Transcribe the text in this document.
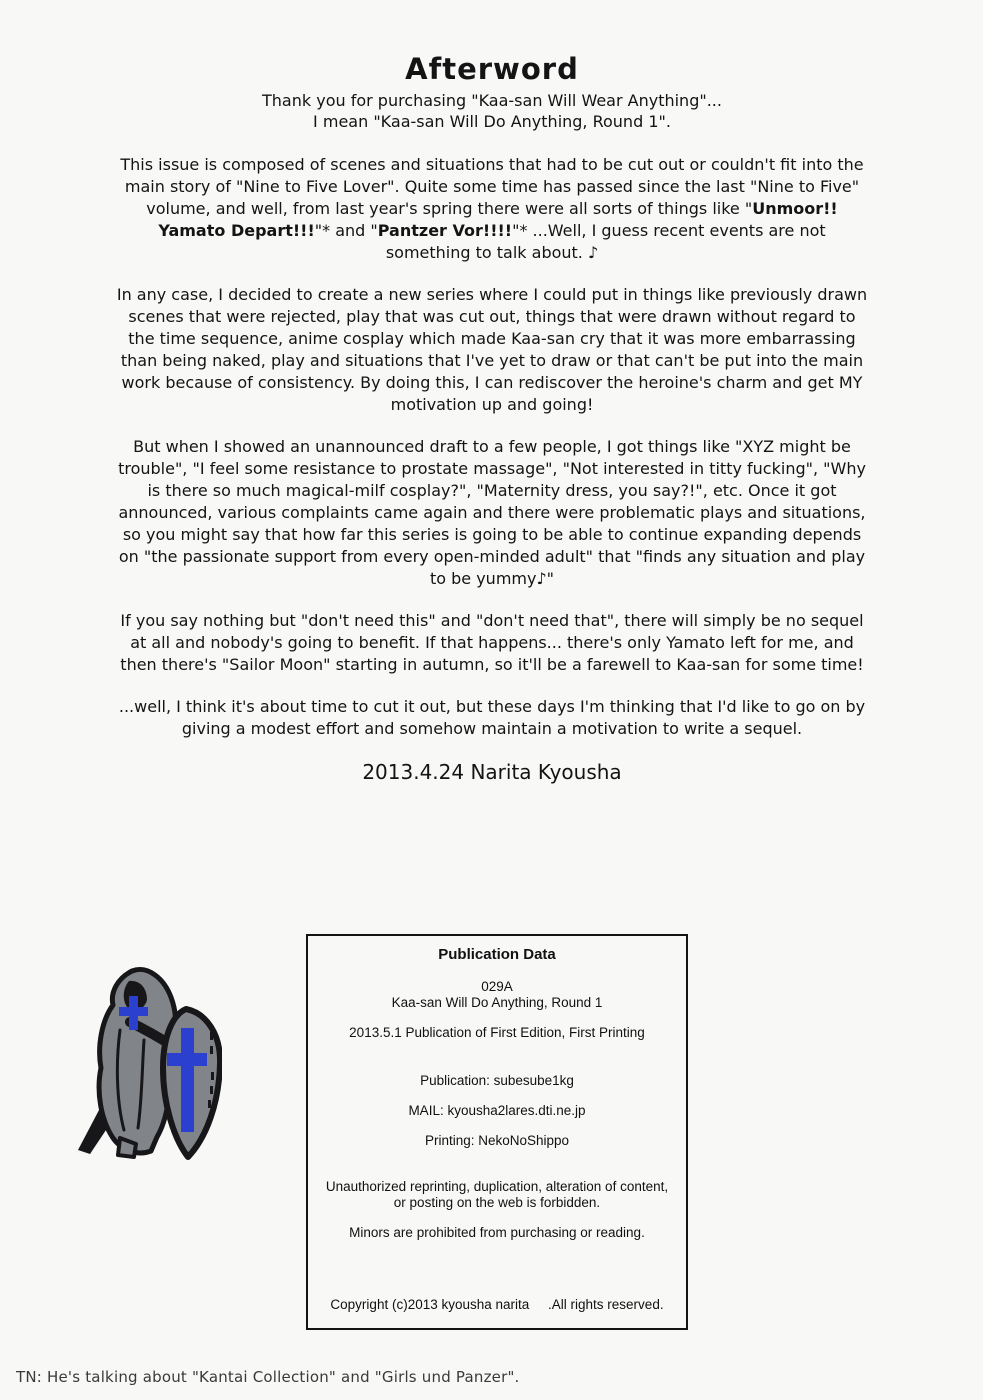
Afterword
Thank you for purchasing "Kaa-san Will Wear Anything"...
I mean "Kaa-san Will Do Anything, Round 1".

This issue is composed of scenes and situations that had to be cut out or couldn't fit into the main story of "Nine to Five Lover". Quite some time has passed since the last "Nine to Five" volume, and well, from last year's spring there were all sorts of things like "Unmoor!! Yamato Depart!!!"* and "Pantzer Vor!!!!"* ...Well, I guess recent events are not something to talk about. ♪

In any case, I decided to create a new series where I could put in things like previously drawn scenes that were rejected, play that was cut out, things that were drawn without regard to the time sequence, anime cosplay which made Kaa-san cry that it was more embarrassing than being naked, play and situations that I've yet to draw or that can't be put into the main work because of consistency. By doing this, I can rediscover the heroine's charm and get MY motivation up and going!

But when I showed an unannounced draft to a few people, I got things like "XYZ might be trouble", "I feel some resistance to prostate massage", "Not interested in titty fucking", "Why is there so much magical-milf cosplay?", "Maternity dress, you say?!", etc. Once it got announced, various complaints came again and there were problematic plays and situations, so you might say that how far this series is going to be able to continue expanding depends on "the passionate support from every open-minded adult" that "finds any situation and play to be yummy♪"

If you say nothing but "don't need this" and "don't need that", there will simply be no sequel at all and nobody's going to benefit. If that happens... there's only Yamato left for me, and then there's "Sailor Moon" starting in autumn, so it'll be a farewell to Kaa-san for some time!

...well, I think it's about time to cut it out, but these days I'm thinking that I'd like to go on by giving a modest effort and somehow maintain a motivation to write a sequel.

2013.4.24 Narita Kyousha
Publication Data
029A
Kaa-san Will Do Anything, Round 1
2013.5.1 Publication of First Edition, First Printing
Publication: subesube1kg
MAIL: kyousha2lares.dti.ne.jp
Printing: NekoNoShippo
Unauthorized reprinting, duplication, alteration of content,
or posting on the web is forbidden.
Minors are prohibited from purchasing or reading.
Copyright (c)2013 kyousha narita     .All rights reserved.
TN: He's talking about "Kantai Collection" and "Girls und Panzer".
